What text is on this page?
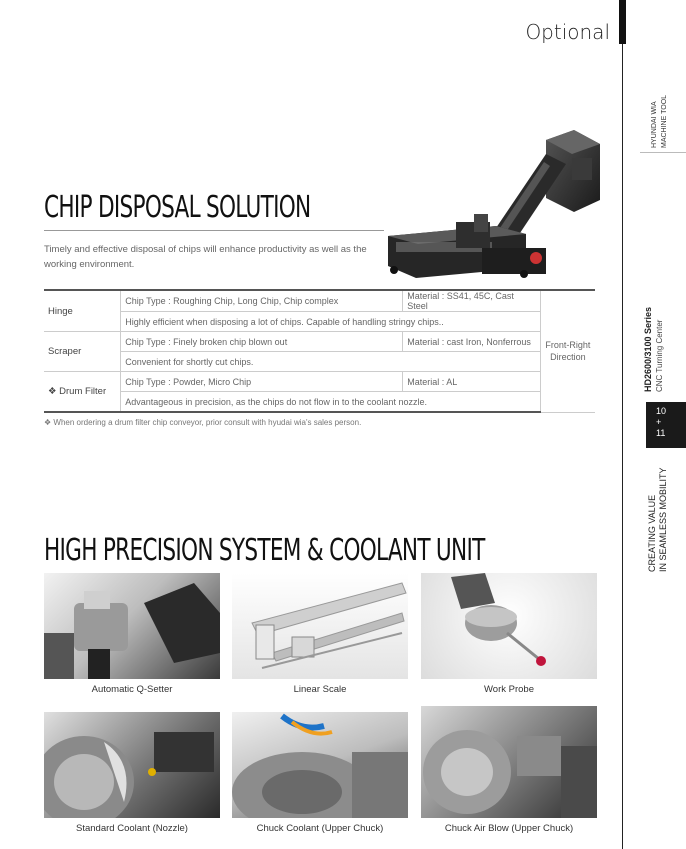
Optional
HYUNDAI WIA MACHINE TOOL
HD2600/3100 Series CNC Turning Center
10
+
11
CREATING VALUE IN SEAMLESS MOBILITY
CHIP DISPOSAL SOLUTION
Timely and effective disposal of chips will enhance productivity as well as the working environment.
Hinge	Chip Type : Roughing Chip, Long Chip, Chip complex	Material : SS41, 45C, Cast Steel	Front-Right Direction
	Highly efficient when disposing a lot of chips. Capable of handling stringy chips..		
Scraper	Chip Type : Finely broken chip blown out	Material : cast Iron, Nonferrous	
	Convenient for shortly cut chips.		
❖ Drum Filter	Chip Type : Powder, Micro Chip	Material : AL	
	Advantageous in precision, as the chips do not flow in to the coolant nozzle.		
❖ When ordering a drum filter chip conveyor, prior consult with hyudai wia's sales person.
HIGH PRECISION SYSTEM & COOLANT UNIT
Automatic Q-Setter	Linear Scale	Work Probe
Standard Coolant (Nozzle)	Chuck Coolant (Upper Chuck)	Chuck Air Blow (Upper Chuck)
